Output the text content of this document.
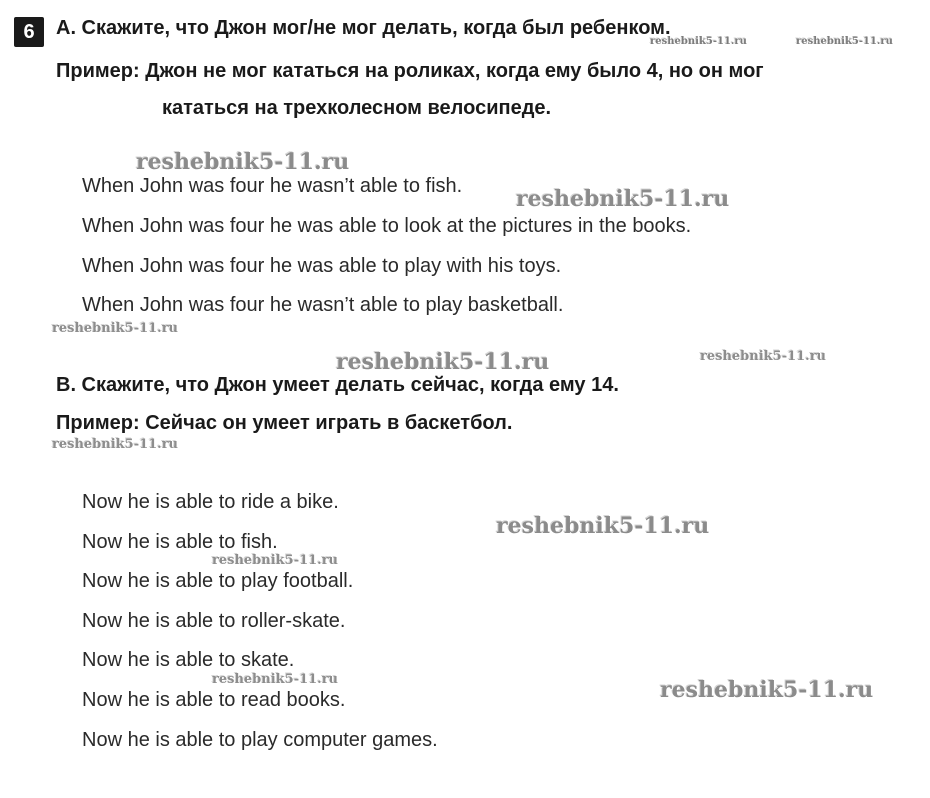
6	A. Скажите, что Джон мог/не мог делать, когда был ребенком.
Пример: Джон не мог кататься на роликах, когда ему было 4, но он мог
кататься на трехколесном велосипеде.
When John was four he wasn’t able to fish.
When John was four he was able to look at the pictures in the books.
When John was four he was able to play with his toys.
When John was four he wasn’t able to play basketball.
B. Скажите, что Джон умеет делать сейчас, когда ему 14.
Пример: Сейчас он умеет играть в баскетбол.
Now he is able to ride a bike.
Now he is able to fish.
Now he is able to play football.
Now he is able to roller-skate.
Now he is able to skate.
Now he is able to read books.
Now he is able to play computer games.
reshebnik5-11.ru	reshebnik5-11.ru
reshebnik5-11.ru
reshebnik5-11.ru
reshebnik5-11.ru
reshebnik5-11.ru	reshebnik5-11.ru
reshebnik5-11.ru
reshebnik5-11.ru
reshebnik5-11.ru
reshebnik5-11.ru	reshebnik5-11.ru
